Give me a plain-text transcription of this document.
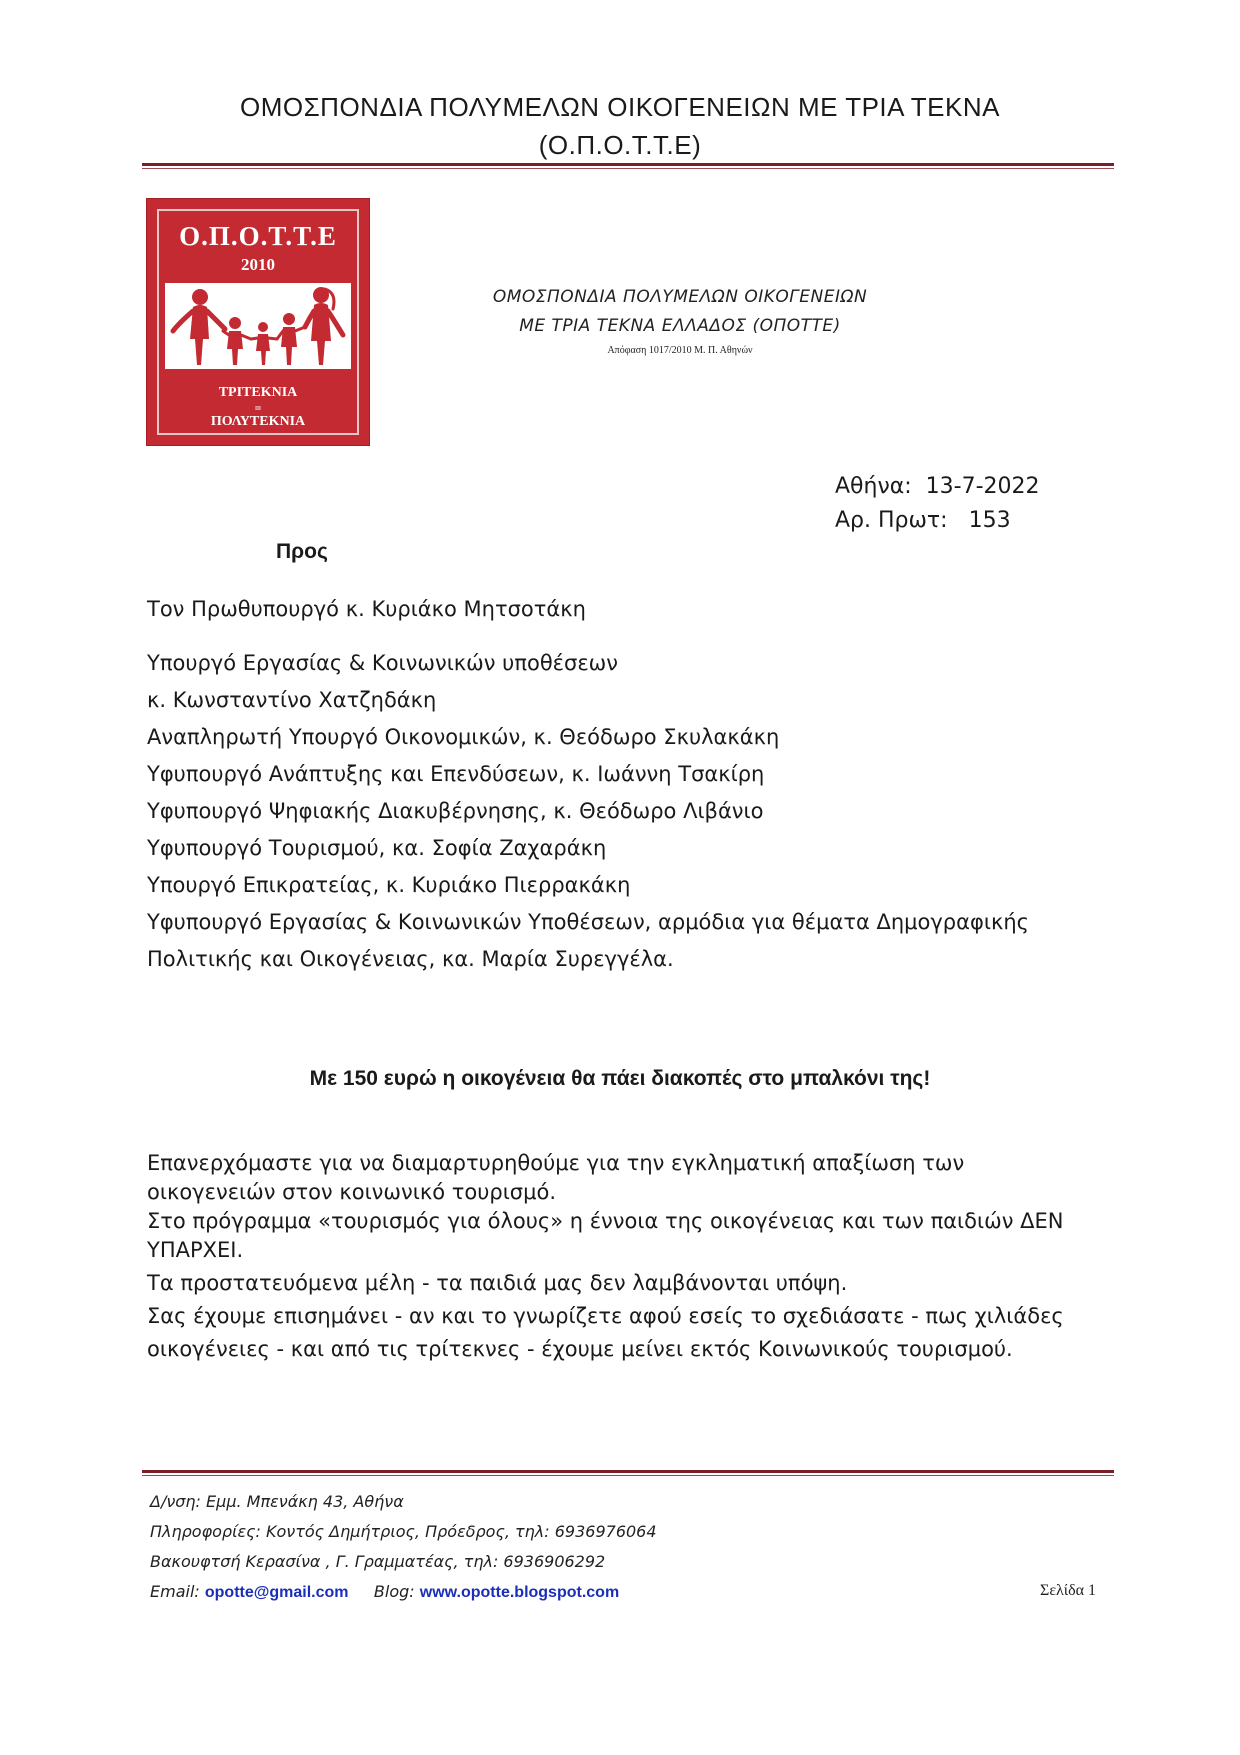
ΟΜΟΣΠΟΝΔΙΑ ΠΟΛΥΜΕΛΩΝ ΟΙΚΟΓΕΝΕΙΩΝ ΜΕ ΤΡΙΑ ΤΕΚΝΑ
(Ο.Π.Ο.Τ.Τ.Ε)
Ο.Π.Ο.Τ.Τ.Ε
2010
ΤΡΙΤΕΚΝΙΑ
=
ΠΟΛΥΤΕΚΝΙΑ
ΟΜΟΣΠΟΝΔΙΑ ΠΟΛΥΜΕΛΩΝ ΟΙΚΟΓΕΝΕΙΩΝ
ΜΕ ΤΡΙΑ ΤΕΚΝΑ ΕΛΛΑΔΟΣ (ΟΠΟΤΤΕ)
Απόφαση 1017/2010 Μ. Π. Αθηνών
Αθήνα: 13-7-2022
Αρ. Πρωτ: 153
Προς
Τον Πρωθυπουργό κ. Κυριάκο Μητσοτάκη
Υπουργό Εργασίας & Κοινωνικών υποθέσεων
κ. Κωνσταντίνο Χατζηδάκη
Αναπληρωτή Υπουργό Οικονομικών, κ. Θεόδωρο Σκυλακάκη
Υφυπουργό Ανάπτυξης και Επενδύσεων, κ. Ιωάννη Τσακίρη
Υφυπουργό Ψηφιακής Διακυβέρνησης, κ. Θεόδωρο Λιβάνιο
Υφυπουργό Τουρισμού, κα. Σοφία Ζαχαράκη
Υπουργό Επικρατείας, κ. Κυριάκο Πιερρακάκη
Υφυπουργό Εργασίας & Κοινωνικών Υποθέσεων, αρμόδια για θέματα Δημογραφικής
Πολιτικής και Οικογένειας, κα. Μαρία Συρεγγέλα.
Με 150 ευρώ η οικογένεια θα πάει διακοπές στο μπαλκόνι της!
Επανερχόμαστε για να διαμαρτυρηθούμε για την εγκληματική απαξίωση των
οικογενειών στον κοινωνικό τουρισμό.
Στο πρόγραμμα «τουρισμός για όλους» η έννοια της οικογένειας και των παιδιών ΔΕΝ
ΥΠΑΡΧΕΙ.
Τα προστατευόμενα μέλη - τα παιδιά μας δεν λαμβάνονται υπόψη.
Σας έχουμε επισημάνει - αν και το γνωρίζετε αφού εσείς το σχεδιάσατε - πως χιλιάδες
οικογένειες - και από τις τρίτεκνες - έχουμε μείνει εκτός Κοινωνικούς τουρισμού.
Δ/νση: Εμμ. Μπενάκη 43, Αθήνα
Πληροφορίες: Κοντός Δημήτριος, Πρόεδρος, τηλ: 6936976064
Βακουφτσή Κερασίνα , Γ. Γραμματέας, τηλ: 6936906292
Email: opotte@gmail.com Blog: www.opotte.blogspot.com	Σελίδα 1
